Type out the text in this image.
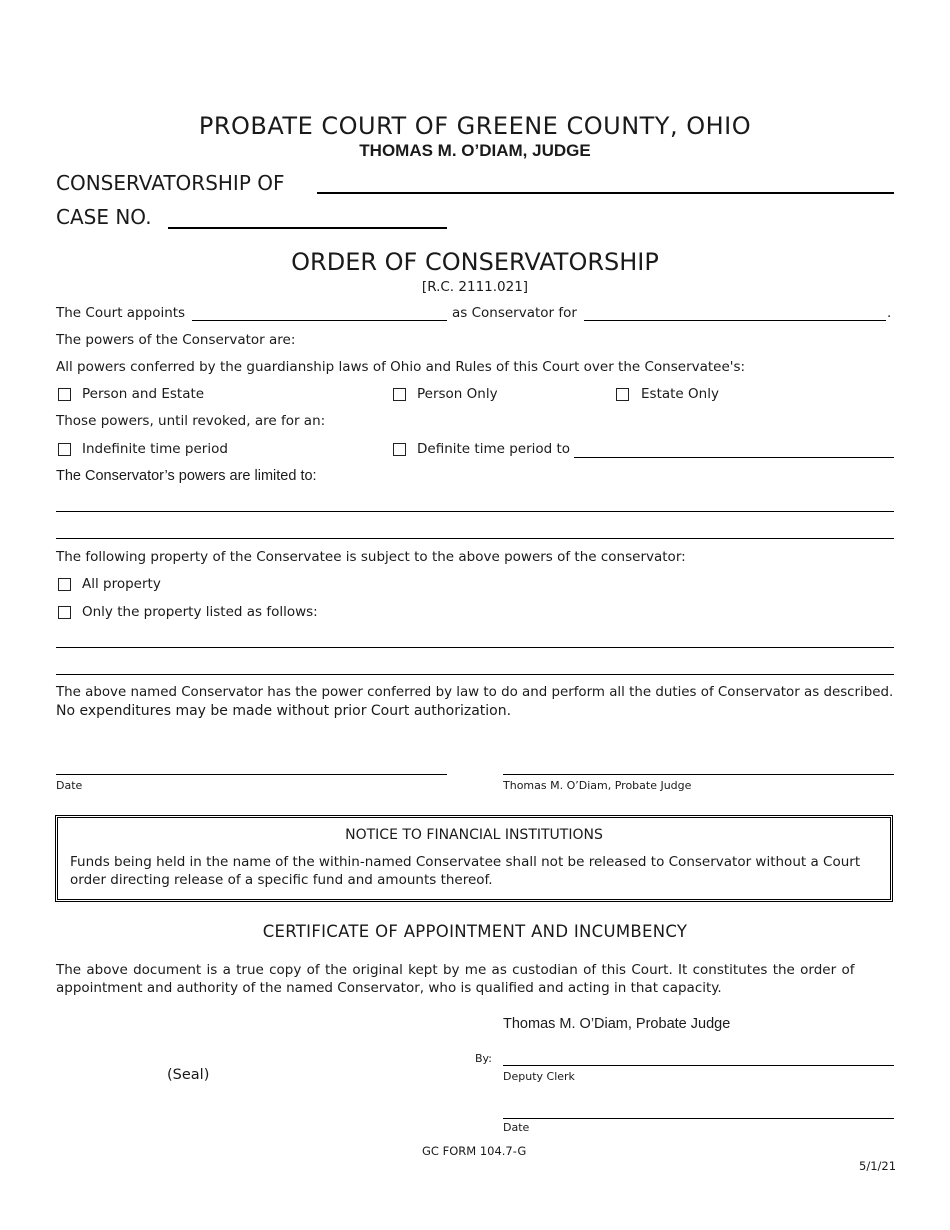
PROBATE COURT OF GREENE COUNTY, OHIO
THOMAS M. O’DIAM, JUDGE
CONSERVATORSHIP OF
CASE NO.
ORDER OF CONSERVATORSHIP
[R.C. 2111.021]
The Court appoints	as Conservator for	.
The powers of the Conservator are:
All powers conferred by the guardianship laws of Ohio and Rules of this Court over the Conservatee's:
Person and Estate	Person Only	Estate Only
Those powers, until revoked, are for an:
Indefinite time period	Definite time period to
The Conservator’s powers are limited to:
The following property of the Conservatee is subject to the above powers of the conservator:
All property
Only the property listed as follows:
The above named Conservator has the power conferred by law to do and perform all the duties of Conservator as described.
No expenditures may be made without prior Court authorization.
Date	Thomas M. O’Diam, Probate Judge
NOTICE TO FINANCIAL INSTITUTIONS
Funds being held in the name of the within-named Conservatee shall not be released to Conservator without a Court
order directing release of a specific fund and amounts thereof.
CERTIFICATE OF APPOINTMENT AND INCUMBENCY
The above document is a true copy of the original kept by me as custodian of this Court. It constitutes the order of
appointment and authority of the named Conservator, who is qualified and acting in that capacity.
Thomas M. O’Diam, Probate Judge
By:
Deputy Clerk
(Seal)
Date
GC FORM 104.7-G
5/1/21
